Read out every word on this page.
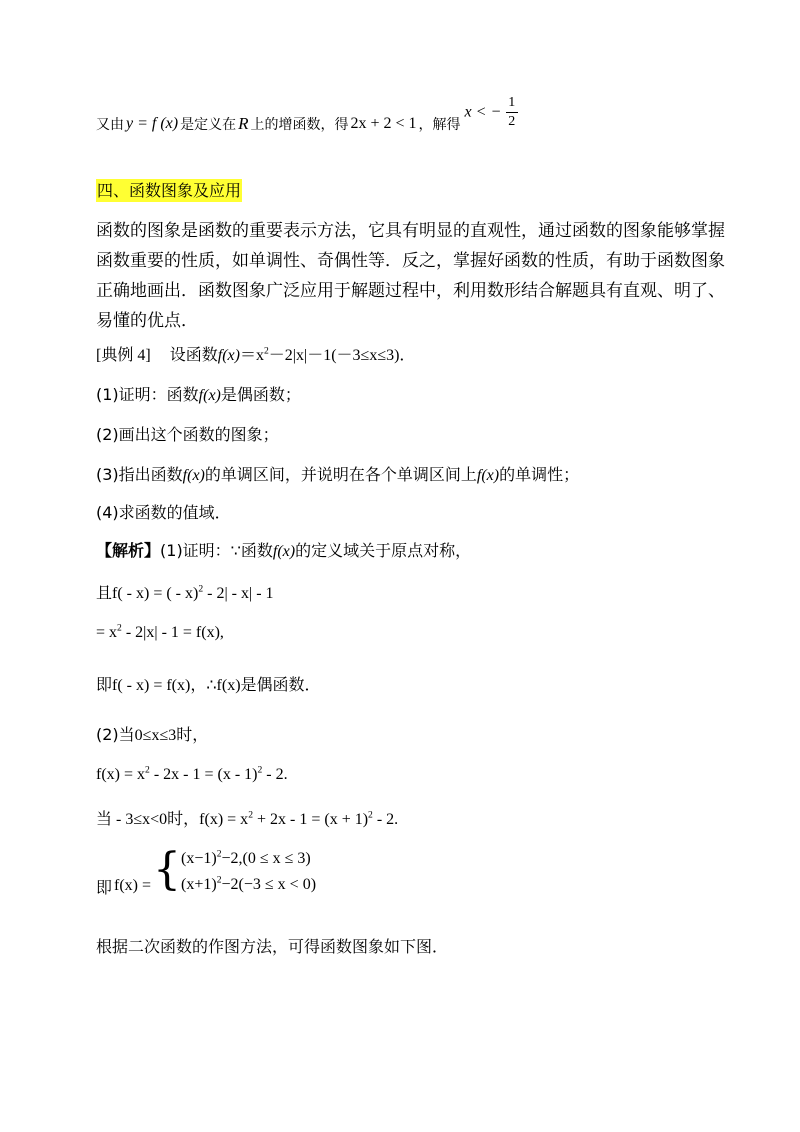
又由 y = f (x) 是定义在 R 上的增函数，得 2x + 2 < 1 ，解得
x < − $\frac{1}{2}$
四、函数图象及应用
函数的图象是函数的重要表示方法，它具有明显的直观性，通过函数的图象能够掌握
函数重要的性质，如单调性、奇偶性等．反之，掌握好函数的性质，有助于函数图象
正确地画出．函数图象广泛应用于解题过程中，利用数形结合解题具有直观、明了、
易懂的优点．
[典例 4] 设函数$f(x)=x^2-2|x|-1(-3\le x\le 3)$．
(1)证明：函数f(x)是偶函数；
(2)画出这个函数的图象；
(3)指出函数f(x)的单调区间，并说明在各个单调区间上f(x)的单调性；
(4)求函数的值域．
【解析】(1)证明：∵函数f(x)的定义域关于原点对称，
且f( - x) = ( - x)$^2$ - 2| - x| - 1
= $x^2 - 2|x| - 1 = f(x)$,
即f( - x) = f(x)，∴f(x)是偶函数．
(2)当0≤x≤3时，
$f(x) = x^2 - 2x - 1 = (x - 1)^2 - 2$.
当 - 3≤x<0时，$f(x) = x^2 + 2x - 1 = (x + 1)^2 - 2$.
即 f(x) = { $(x-1)^2-2,(0 \le x \le 3)$
$(x+1)^2-2(-3 \le x < 0)$
根据二次函数的作图方法，可得函数图象如下图．
